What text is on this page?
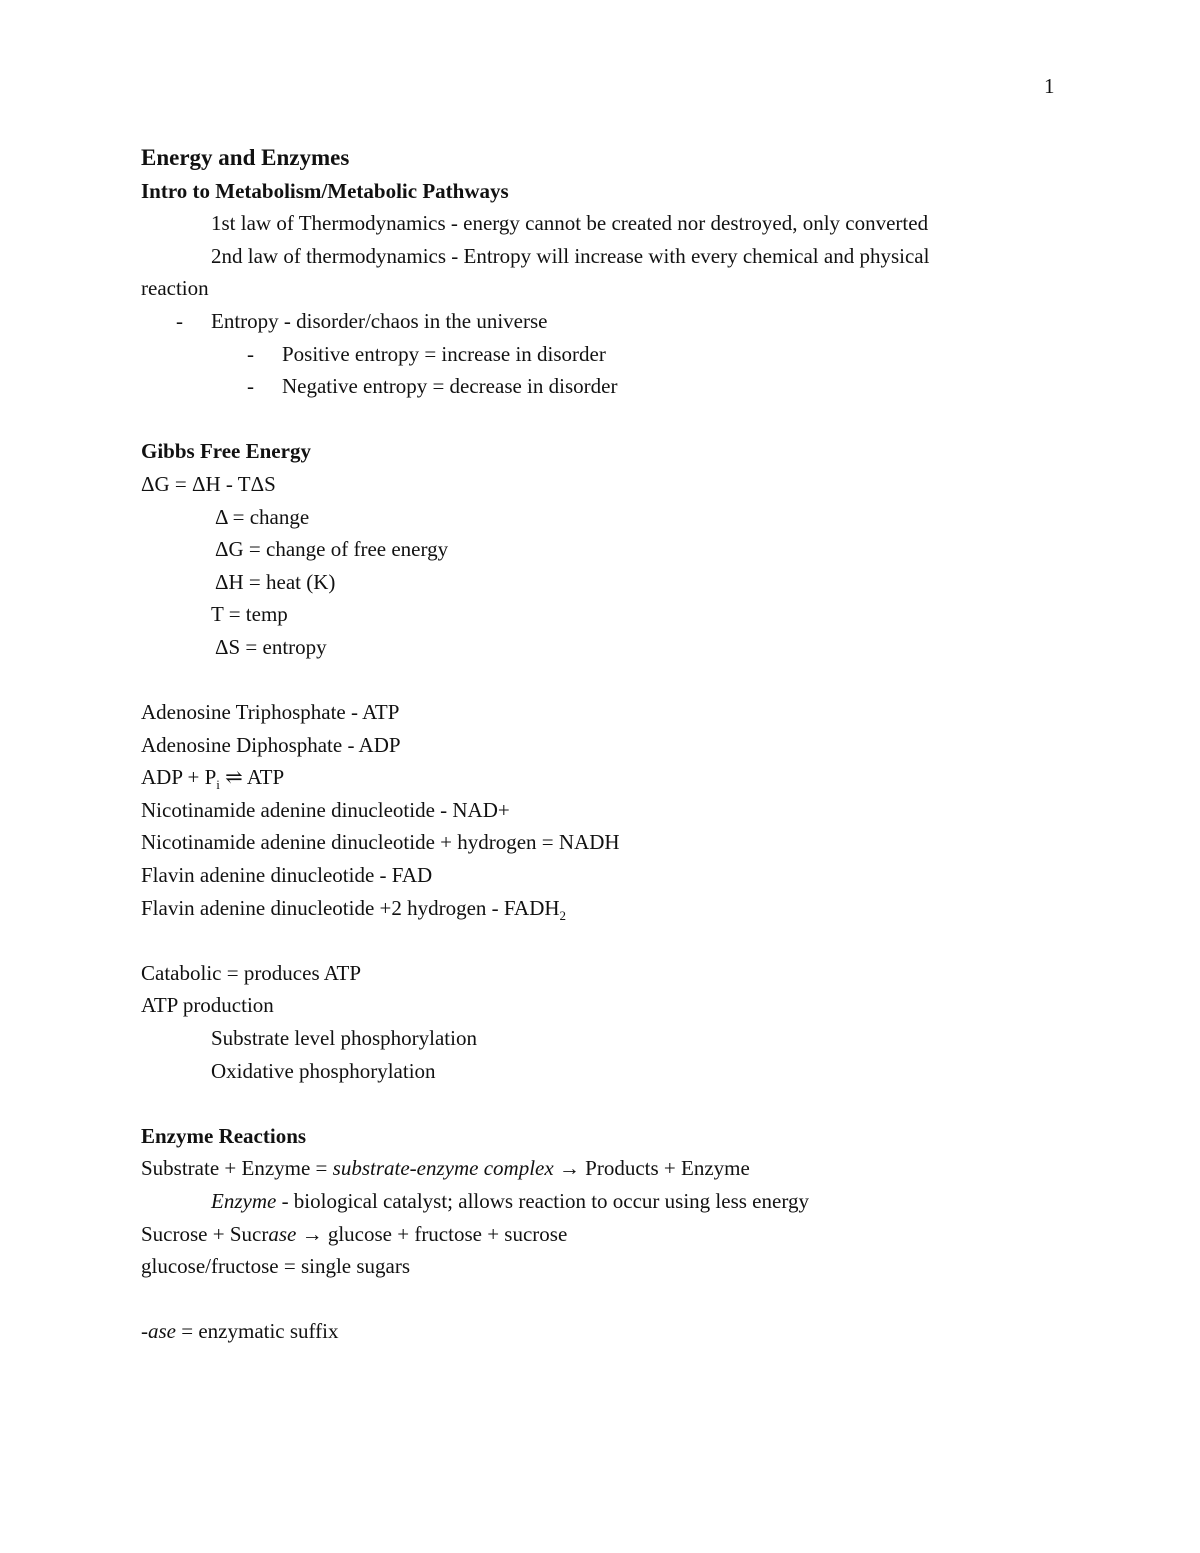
1
Energy and Enzymes
Intro to Metabolism/Metabolic Pathways
1st law of Thermodynamics - energy cannot be created nor destroyed, only converted
2nd law of thermodynamics - Entropy will increase with every chemical and physical
reaction
- Entropy - disorder/chaos in the universe
- Positive entropy = increase in disorder
- Negative entropy = decrease in disorder
Gibbs Free Energy
ΔG = ΔH - TΔS
Δ = change
ΔG = change of free energy
ΔH = heat (K)
T = temp
ΔS = entropy
Adenosine Triphosphate - ATP
Adenosine Diphosphate - ADP
ADP + $P_i$ ⇌ ATP
Nicotinamide adenine dinucleotide - NAD+
Nicotinamide adenine dinucleotide + hydrogen = NADH
Flavin adenine dinucleotide - FAD
Flavin adenine dinucleotide +2 hydrogen - $FADH_2$
Catabolic = produces ATP
ATP production
Substrate level phosphorylation
Oxidative phosphorylation
Enzyme Reactions
Substrate + Enzyme = substrate-enzyme complex → Products + Enzyme
Enzyme - biological catalyst; allows reaction to occur using less energy
Sucrose + Sucrase → glucose + fructose + sucrose
glucose/fructose = single sugars
-ase = enzymatic suffix
